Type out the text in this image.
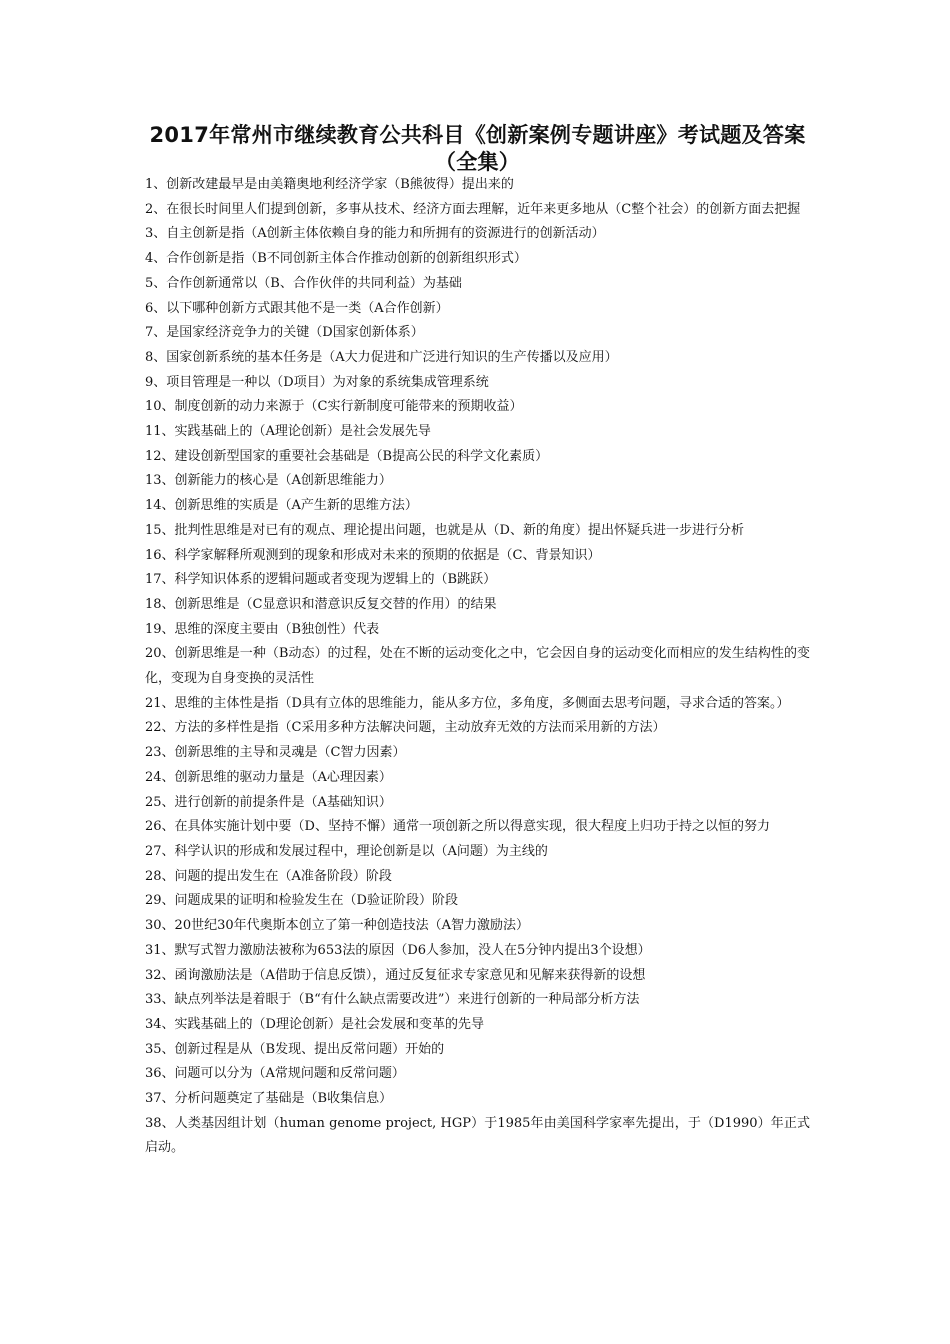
2017年常州市继续教育公共科目《创新案例专题讲座》考试题及答案（全集）

1、创新改建最早是由美籍奥地利经济学家（B熊彼得）提出来的

2、在很长时间里人们提到创新，多事从技术、经济方面去理解，近年来更多地从（C整个社会）的创新方面去把握

3、自主创新是指（A创新主体依赖自身的能力和所拥有的资源进行的创新活动）

4、合作创新是指（B不同创新主体合作推动创新的创新组织形式）

5、合作创新通常以（B、合作伙伴的共同利益）为基础

6、以下哪种创新方式跟其他不是一类（A合作创新）

7、是国家经济竞争力的关键（D国家创新体系）

8、国家创新系统的基本任务是（A大力促进和广泛进行知识的生产传播以及应用）

9、项目管理是一种以（D项目）为对象的系统集成管理系统

10、制度创新的动力来源于（C实行新制度可能带来的预期收益）

11、实践基础上的（A理论创新）是社会发展先导

12、建设创新型国家的重要社会基础是（B提高公民的科学文化素质）

13、创新能力的核心是（A创新思维能力）

14、创新思维的实质是（A产生新的思维方法）

15、批判性思维是对已有的观点、理论提出问题，也就是从（D、新的角度）提出怀疑兵进一步进行分析

16、科学家解释所观测到的现象和形成对未来的预期的依据是（C、背景知识）

17、科学知识体系的逻辑问题或者变现为逻辑上的（B跳跃）

18、创新思维是（C显意识和潜意识反复交替的作用）的结果

19、思维的深度主要由（B独创性）代表

20、创新思维是一种（B动态）的过程，处在不断的运动变化之中，它会因自身的运动变化而相应的发生结构性的变化，变现为自身变换的灵活性

21、思维的主体性是指（D具有立体的思维能力，能从多方位，多角度，多侧面去思考问题，寻求合适的答案。）

22、方法的多样性是指（C采用多种方法解决问题，主动放弃无效的方法而采用新的方法）

23、创新思维的主导和灵魂是（C智力因素）

24、创新思维的驱动力量是（A心理因素）

25、进行创新的前提条件是（A基础知识）

26、在具体实施计划中要（D、坚持不懈）通常一项创新之所以得意实现，很大程度上归功于持之以恒的努力

27、科学认识的形成和发展过程中，理论创新是以（A问题）为主线的

28、问题的提出发生在（A准备阶段）阶段

29、问题成果的证明和检验发生在（D验证阶段）阶段

30、20世纪30年代奥斯本创立了第一种创造技法（A智力激励法）

31、默写式智力激励法被称为653法的原因（D6人参加，没人在5分钟内提出3个设想）

32、函询激励法是（A借助于信息反馈），通过反复征求专家意见和见解来获得新的设想

33、缺点列举法是着眼于（B“有什么缺点需要改进”）来进行创新的一种局部分析方法

34、实践基础上的（D理论创新）是社会发展和变革的先导

35、创新过程是从（B发现、提出反常问题）开始的

36、问题可以分为（A常规问题和反常问题）

37、分析问题奠定了基础是（B收集信息）

38、人类基因组计划（human genome project, HGP）于1985年由美国科学家率先提出，于（D1990）年正式启动。
